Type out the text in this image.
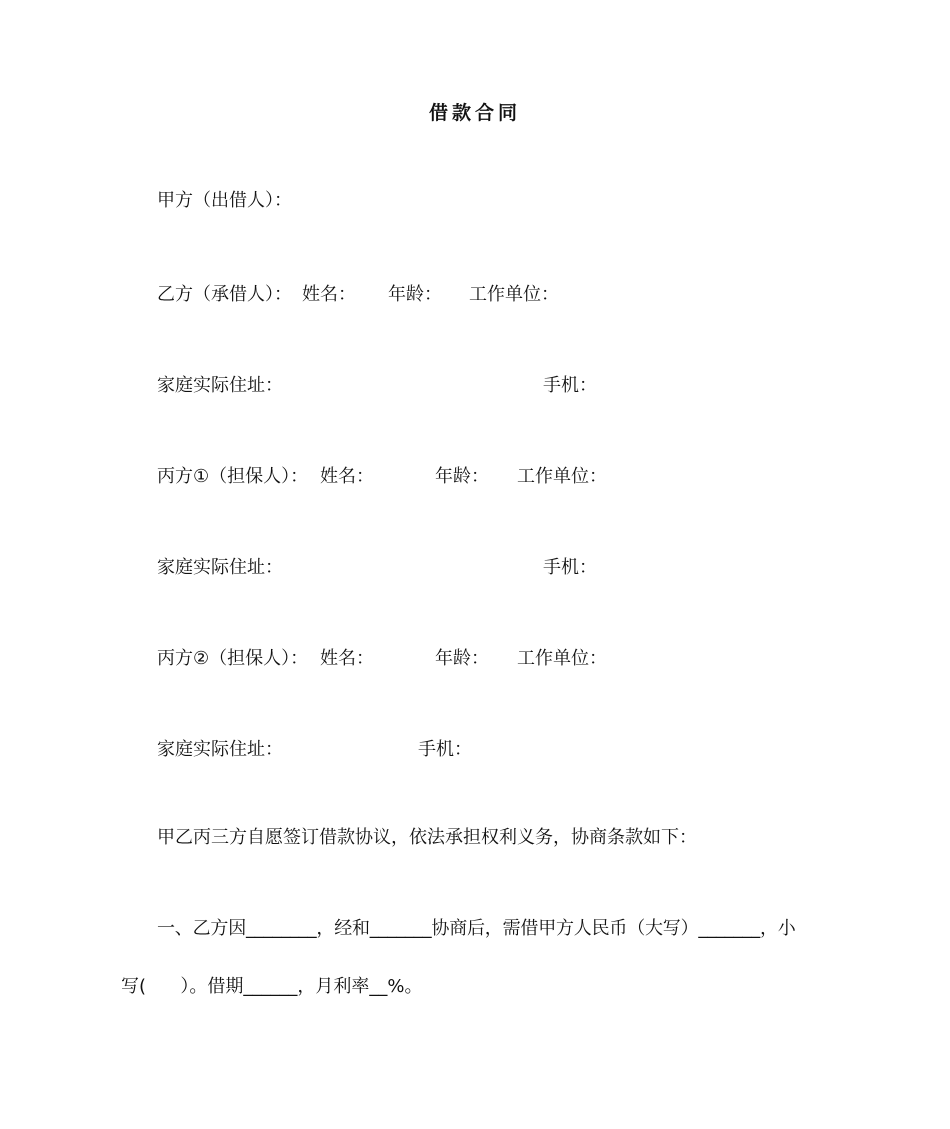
借款合同
甲方（出借人）：
乙方（承借人）： 姓名： 年龄： 工作单位：
家庭实际住址：	手机：
丙方①（担保人）： 姓名：	年龄： 工作单位：
家庭实际住址：	手机：
丙方②（担保人）： 姓名：	年龄： 工作单位：
家庭实际住址：	手机：
甲乙丙三方自愿签订借款协议，依法承担权利义务，协商条款如下：
一、乙方因________，经和_______协商后，需借甲方人民币（大写）_______，小
写(      ）。借期______，月利率__%。
